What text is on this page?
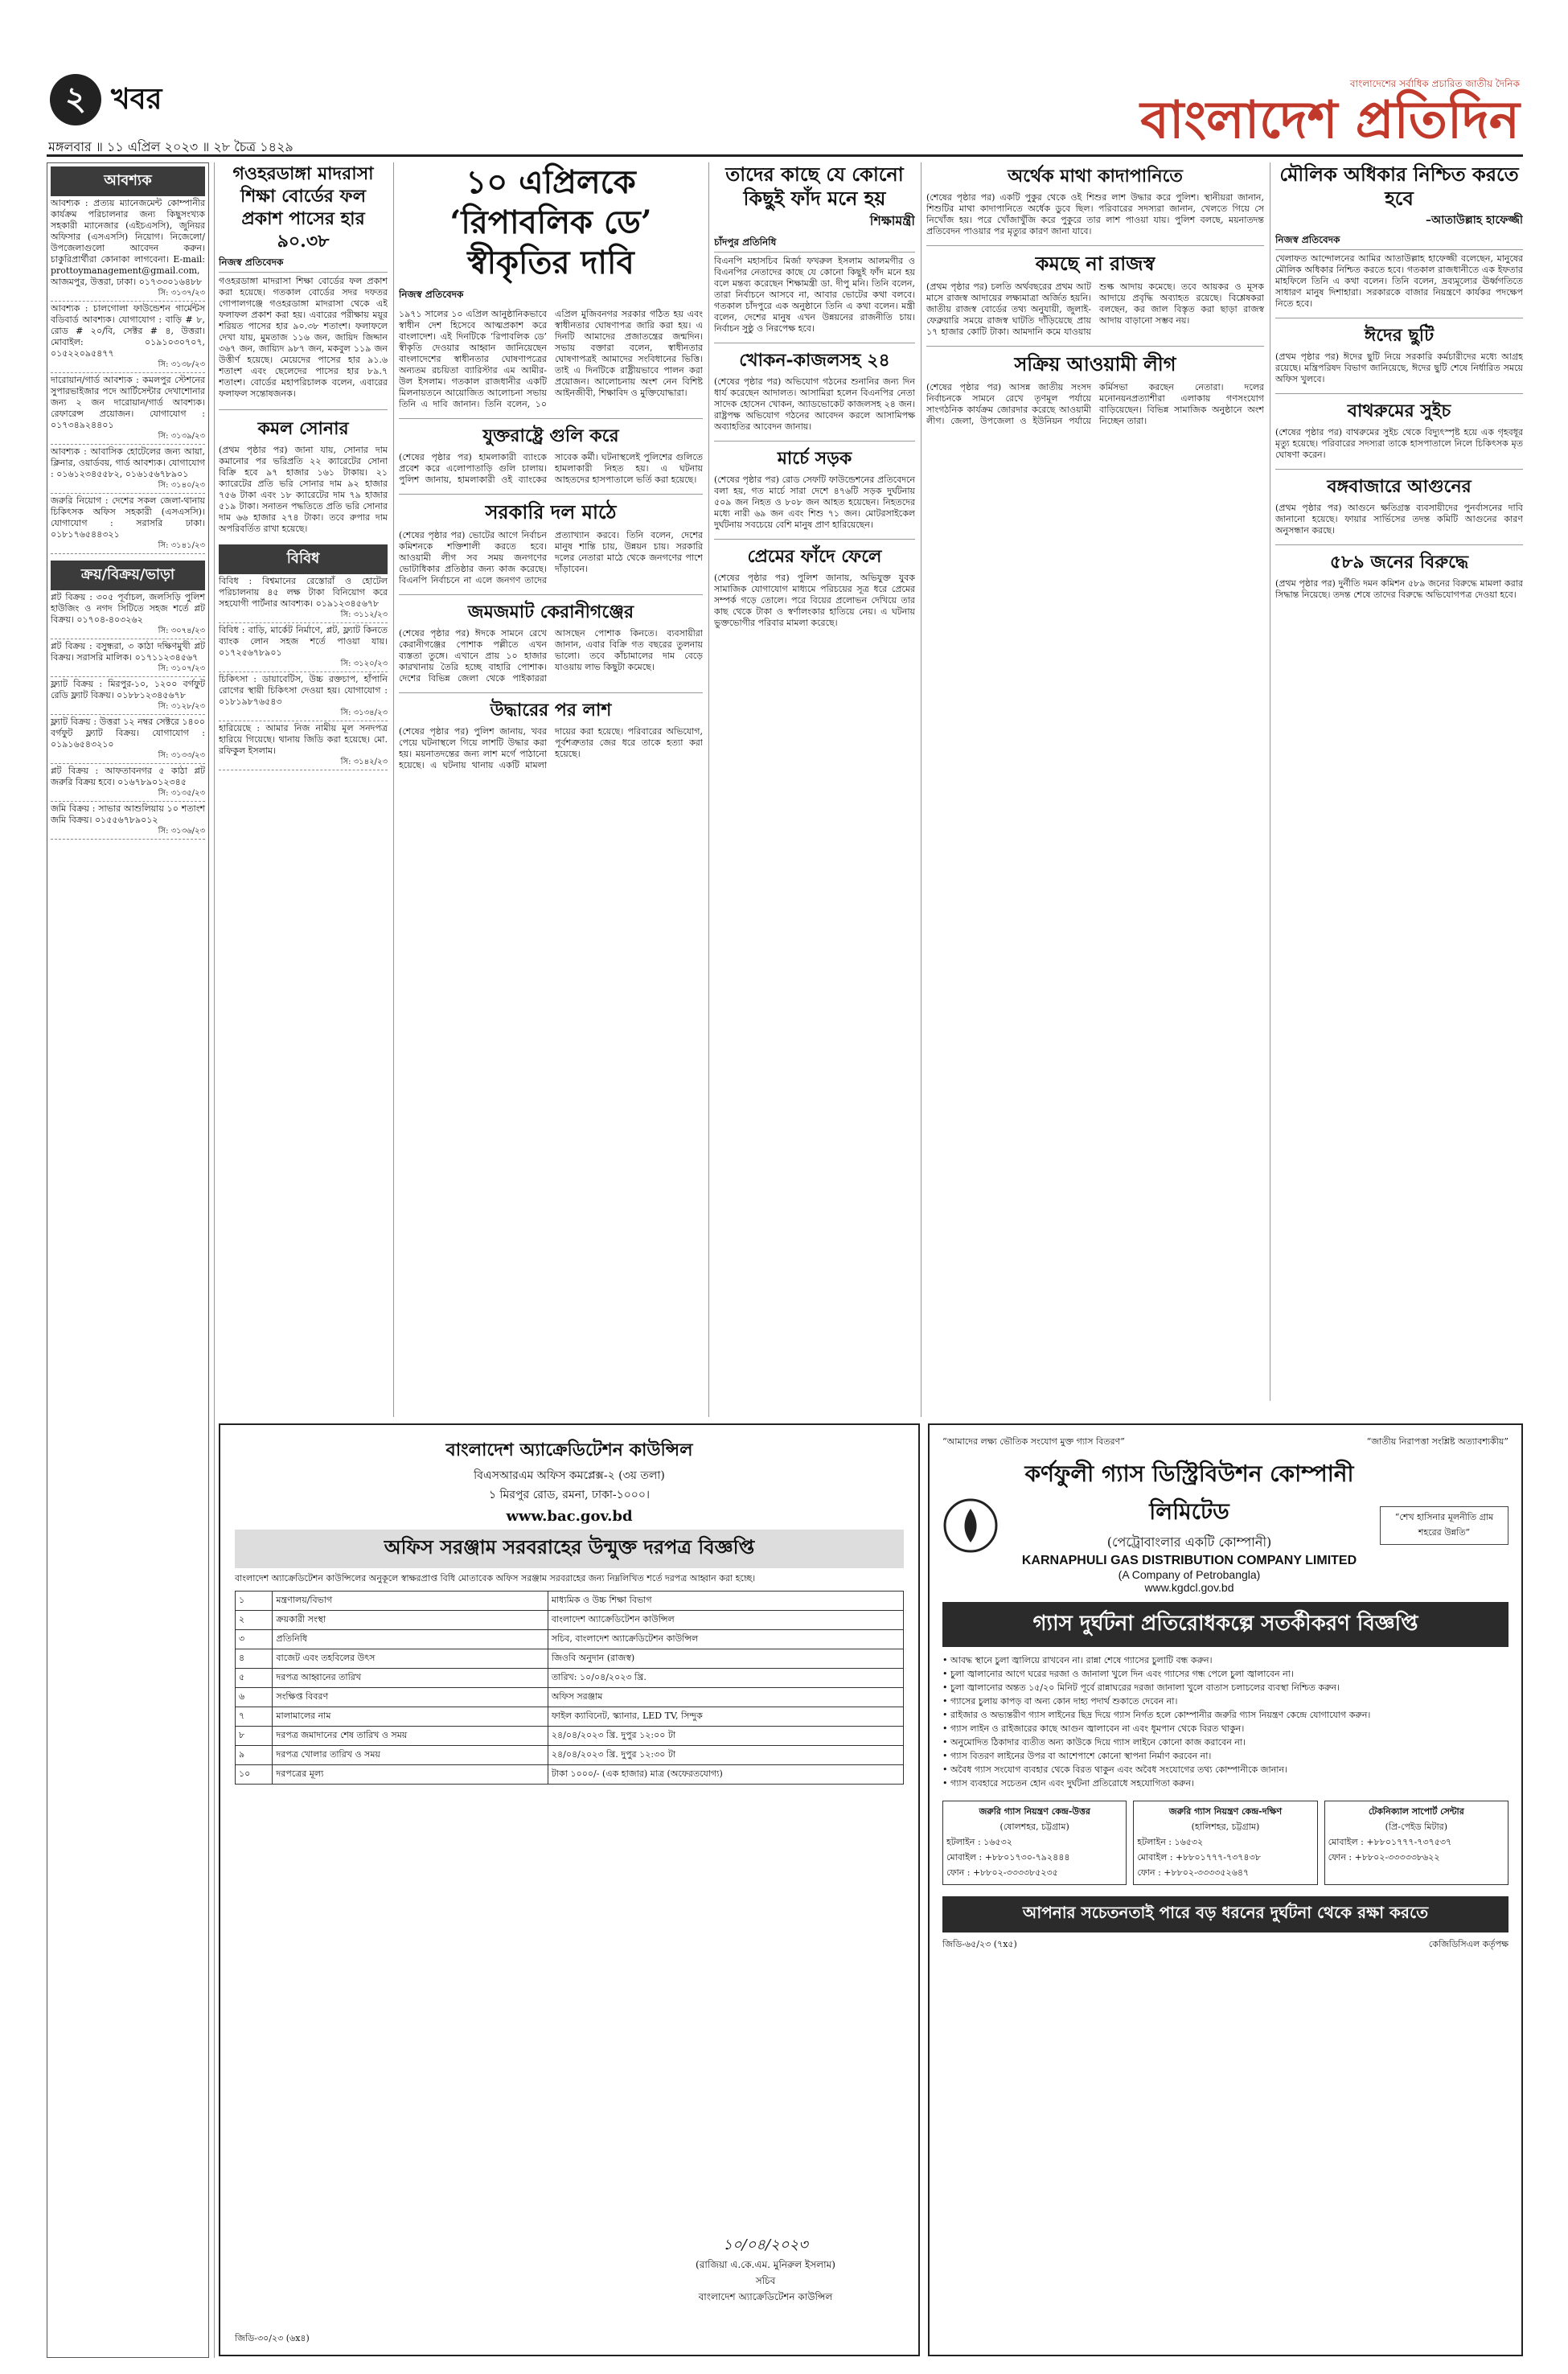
২ খবর
মঙ্গলবার ॥ ১১ এপ্রিল ২০২৩ ॥ ২৮ চৈত্র ১৪২৯
বাংলাদেশের সর্বাধিক প্রচারিত জাতীয় দৈনিক
বাংলাদেশ প্রতিদিন
আবশ্যক
আবশ্যক : প্রত্যয় ম্যানেজমেন্ট কোম্পানীর কার্যক্রম পরিচালনার জন্য কিছুসংখ্যক সহকারী ম্যানেজার (এইচএসসি), জুনিয়র অফিসার (এসএসসি) নিয়োগ। নিজেলো/উপজেলাগুলো আবেদন করুন। চাকুরিপ্রার্থীরা কোনাকা লাগবেনা। E-mail: prottoymanagement@gmail.com, আজমপুর, উত্তরা, ঢাকা। ০১৭৩৩০১৬৪৮৮
সি: ৩১৩৭/২৩
আবশ্যক : চালগোলা ফাউন্ডেশন গার্মেন্টস বডিবার্ড আবশ্যক। যোগাযোগ : বাড়ি # ৮, রোড # ২০/বি, সেক্টর # ৪, উত্তরা। মোবাইল: ০১৯১০৩০৭০৭, ০১৫২২০৯৫৪৭৭
সি: ৩১৩৮/২৩
দারোয়ান/গার্ড আবশ্যক : কমলপুর স্টেশনের সুপারভাইজার পদে আর্টিসেন্টার দেখাশোনার জন্য ২ জন দারোয়ান/গার্ড আবশ্যক। রেফারেন্স প্রয়োজন। যোগাযোগ : ০১৭৩৪৯২৪৪০১
সি: ৩১৩৯/২৩
আবশ্যক : আবাসিক হোটেলের জন্য আয়া, ক্লিনার, ওয়ার্ডবয়, গার্ড আবশ্যক। যোগাযোগ : ০১৬১২৩৪৫৫৮২, ০১৬১৫৬৭৮৯০১
সি: ৩১৪০/২৩
জরুরি নিয়োগ : দেশের সকল জেলা-থানায় চিকিৎসক অফিস সহকারী (এসএসসি)। যোগাযোগ : সরাসরি ঢাকা। ০১৮১৭৬৫৪৪৩২১
সি: ৩১৪১/২৩
ক্রয়/বিক্রয়/ভাড়া
প্লট বিক্রয় : ৩০৫ পূর্বাচল, জলসিড়ি পুলিশ হাউজিং ও নগদ সিটিতে সহজ শর্তে প্লট বিক্রয়। ০১৭০৪-৪০৩২৬২
সি: ৩০৭৪/২৩
প্লট বিক্রয় : বসুন্ধরা, ৩ কাঠা দক্ষিণমুখী প্লট বিক্রয়। সরাসরি মালিক। ০১৭১১২৩৪৫৬৭
সি: ৩১০৭/২৩
ফ্ল্যাট বিক্রয় : মিরপুর-১০, ১২০০ বর্গফুট রেডি ফ্ল্যাট বিক্রয়। ০১৮৮১২৩৪৫৬৭৮
সি: ৩১২৮/২৩
ফ্ল্যাট বিক্রয় : উত্তরা ১২ নম্বর সেক্টরে ১৪০০ বর্গফুট ফ্ল্যাট বিক্রয়। যোগাযোগ : ০১৯১৬৫৪৩২১০
সি: ৩১৩৩/২৩
প্লট বিক্রয় : আফতাবনগর ৫ কাঠা প্লট জরুরি বিক্রয় হবে। ০১৬৭৮৯০১২৩৪৫
সি: ৩১৩৫/২৩
জমি বিক্রয় : সাভার আশুলিয়ায় ১০ শতাংশ জমি বিক্রয়। ০১৫৫৬৭৮৯০১২
সি: ৩১৩৬/২৩
গওহরডাঙ্গা মাদরাসা শিক্ষা বোর্ডের ফল প্রকাশ পাসের হার ৯০.৩৮
নিজস্ব প্রতিবেদক
গওহরডাঙ্গা মাদরাসা শিক্ষা বোর্ডের ফল প্রকাশ করা হয়েছে। গতকাল বোর্ডের সদর দফতর গোপালগঞ্জে গওহরডাঙ্গা মাদরাসা থেকে এই ফলাফল প্রকাশ করা হয়। এবারের পরীক্ষায় ময়ূর শরিয়ত পাসের হার ৯০.৩৮ শতাংশ। ফলাফলে দেখা যায়, মুমতাজ ১১৬ জন, জায়িদ জিদ্দান ৩৬৭ জন, জায়্যিদ ৯৮৭ জন, মকবুল ১১৯ জন উত্তীর্ণ হয়েছে। মেয়েদের পাসের হার ৯১.৬ শতাংশ এবং ছেলেদের পাসের হার ৮৯.৭ শতাংশ। বোর্ডের মহাপরিচালক বলেন, এবারের ফলাফল সন্তোষজনক।
কমল সোনার
(প্রথম পৃষ্ঠার পর) জানা যায়, সোনার দাম কমানোর পর ভরিপ্রতি ২২ ক্যারেটের সোনা বিক্রি হবে ৯৭ হাজার ১৬১ টাকায়। ২১ ক্যারেটের প্রতি ভরি সোনার দাম ৯২ হাজার ৭৫৬ টাকা এবং ১৮ ক্যারেটের দাম ৭৯ হাজার ৫১৯ টাকা। সনাতন পদ্ধতিতে প্রতি ভরি সোনার দাম ৬৬ হাজার ২৭৪ টাকা। তবে রুপার দাম অপরিবর্তিত রাখা হয়েছে।
বিবিধ
বিবিধ : বিশ্বমানের রেস্তোরাঁ ও হোটেল পরিচালনায় ৪৫ লক্ষ টাকা বিনিয়োগ করে সহযোগী পার্টনার আবশ্যক। ০১৯১২৩৪৫৬৭৮
সি: ৩১১২/২৩
বিবিধ : বাড়ি, মার্কেট নির্মাণে, প্লট, ফ্ল্যাট কিনতে ব্যাংক লোন সহজ শর্তে পাওয়া যায়। ০১৭২৫৬৭৮৯০১
সি: ৩১২০/২৩
চিকিৎসা : ডায়াবেটিস, উচ্চ রক্তচাপ, হাঁপানি রোগের স্থায়ী চিকিৎসা দেওয়া হয়। যোগাযোগ : ০১৮১৯৮৭৬৫৪৩
সি: ৩১৩৪/২৩
হারিয়েছে : আমার নিজ নামীয় মূল সনদপত্র হারিয়ে গিয়েছে। থানায় জিডি করা হয়েছে। মো. রফিকুল ইসলাম।
সি: ৩১৪২/২৩
১০ এপ্রিলকে ‘রিপাবলিক ডে’ স্বীকৃতির দাবি
নিজস্ব প্রতিবেদক
১৯৭১ সালের ১০ এপ্রিল আনুষ্ঠানিকভাবে স্বাধীন দেশ হিসেবে আত্মপ্রকাশ করে বাংলাদেশ। এই দিনটিকে ‘রিপাবলিক ডে’ স্বীকৃতি দেওয়ার আহ্বান জানিয়েছেন বাংলাদেশের স্বাধীনতার ঘোষণাপত্রের অন্যতম রচয়িতা ব্যারিস্টার এম আমীর-উল ইসলাম। গতকাল রাজধানীর একটি মিলনায়তনে আয়োজিত আলোচনা সভায় তিনি এ দাবি জানান। তিনি বলেন, ১০ এপ্রিল মুজিবনগর সরকার গঠিত হয় এবং স্বাধীনতার ঘোষণাপত্র জারি করা হয়। এ দিনটি আমাদের প্রজাতন্ত্রের জন্মদিন। সভায় বক্তারা বলেন, স্বাধীনতার ঘোষণাপত্রই আমাদের সংবিধানের ভিত্তি। তাই এ দিনটিকে রাষ্ট্রীয়ভাবে পালন করা প্রয়োজন। আলোচনায় অংশ নেন বিশিষ্ট আইনজীবী, শিক্ষাবিদ ও মুক্তিযোদ্ধারা।
যুক্তরাষ্ট্রে গুলি করে
(শেষের পৃষ্ঠার পর) হামলাকারী ব্যাংকে প্রবেশ করে এলোপাতাড়ি গুলি চালায়। পুলিশ জানায়, হামলাকারী ওই ব্যাংকের সাবেক কর্মী। ঘটনাস্থলেই পুলিশের গুলিতে হামলাকারী নিহত হয়। এ ঘটনায় আহতদের হাসপাতালে ভর্তি করা হয়েছে।
সরকারি দল মাঠে
(শেষের পৃষ্ঠার পর) ভোটের আগে নির্বাচন কমিশনকে শক্তিশালী করতে হবে। আওয়ামী লীগ সব সময় জনগণের ভোটাধিকার প্রতিষ্ঠার জন্য কাজ করেছে। বিএনপি নির্বাচনে না এলে জনগণ তাদের প্রত্যাখ্যান করবে। তিনি বলেন, দেশের মানুষ শান্তি চায়, উন্নয়ন চায়। সরকারি দলের নেতারা মাঠে থেকে জনগণের পাশে দাঁড়াবেন।
জমজমাট কেরানীগঞ্জের
(শেষের পৃষ্ঠার পর) ঈদকে সামনে রেখে কেরানীগঞ্জের পোশাক পল্লীতে এখন ব্যস্ততা তুঙ্গে। এখানে প্রায় ১০ হাজার কারখানায় তৈরি হচ্ছে বাহারি পোশাক। দেশের বিভিন্ন জেলা থেকে পাইকাররা আসছেন পোশাক কিনতে। ব্যবসায়ীরা জানান, এবার বিক্রি গত বছরের তুলনায় ভালো। তবে কাঁচামালের দাম বেড়ে যাওয়ায় লাভ কিছুটা কমেছে।
উদ্ধারের পর লাশ
(শেষের পৃষ্ঠার পর) পুলিশ জানায়, খবর পেয়ে ঘটনাস্থলে গিয়ে লাশটি উদ্ধার করা হয়। ময়নাতদন্তের জন্য লাশ মর্গে পাঠানো হয়েছে। এ ঘটনায় থানায় একটি মামলা দায়ের করা হয়েছে। পরিবারের অভিযোগ, পূর্বশত্রুতার জের ধরে তাকে হত্যা করা হয়েছে।
তাদের কাছে যে কোনো কিছুই ফাঁদ মনে হয়
শিক্ষামন্ত্রী
চাঁদপুর প্রতিনিধি
বিএনপি মহাসচিব মির্জা ফখরুল ইসলাম আলমগীর ও বিএনপির নেতাদের কাছে যে কোনো কিছুই ফাঁদ মনে হয় বলে মন্তব্য করেছেন শিক্ষামন্ত্রী ডা. দীপু মনি। তিনি বলেন, তারা নির্বাচনে আসবে না, আবার ভোটের কথা বলবে। গতকাল চাঁদপুরে এক অনুষ্ঠানে তিনি এ কথা বলেন। মন্ত্রী বলেন, দেশের মানুষ এখন উন্নয়নের রাজনীতি চায়। নির্বাচন সুষ্ঠু ও নিরপেক্ষ হবে।
খোকন-কাজলসহ ২৪
(শেষের পৃষ্ঠার পর) অভিযোগ গঠনের শুনানির জন্য দিন ধার্য করেছেন আদালত। আসামিরা হলেন বিএনপির নেতা সাদেক হোসেন খোকন, অ্যাডভোকেট কাজলসহ ২৪ জন। রাষ্ট্রপক্ষ অভিযোগ গঠনের আবেদন করলে আসামিপক্ষ অব্যাহতির আবেদন জানায়।
মার্চে সড়ক
(শেষের পৃষ্ঠার পর) রোড সেফটি ফাউন্ডেশনের প্রতিবেদনে বলা হয়, গত মার্চে সারা দেশে ৪৭৬টি সড়ক দুর্ঘটনায় ৫০৯ জন নিহত ও ৮০৮ জন আহত হয়েছেন। নিহতদের মধ্যে নারী ৬৯ জন এবং শিশু ৭১ জন। মোটরসাইকেল দুর্ঘটনায় সবচেয়ে বেশি মানুষ প্রাণ হারিয়েছেন।
প্রেমের ফাঁদে ফেলে
(শেষের পৃষ্ঠার পর) পুলিশ জানায়, অভিযুক্ত যুবক সামাজিক যোগাযোগ মাধ্যমে পরিচয়ের সূত্র ধরে প্রেমের সম্পর্ক গড়ে তোলে। পরে বিয়ের প্রলোভন দেখিয়ে তার কাছ থেকে টাকা ও স্বর্ণালংকার হাতিয়ে নেয়। এ ঘটনায় ভুক্তভোগীর পরিবার মামলা করেছে।
অর্থেক মাথা কাদাপানিতে
(শেষের পৃষ্ঠার পর) একটি পুকুর থেকে ওই শিশুর লাশ উদ্ধার করে পুলিশ। স্থানীয়রা জানান, শিশুটির মাথা কাদাপানিতে অর্ধেক ডুবে ছিল। পরিবারের সদস্যরা জানান, খেলতে গিয়ে সে নিখোঁজ হয়। পরে খোঁজাখুঁজি করে পুকুরে তার লাশ পাওয়া যায়। পুলিশ বলছে, ময়নাতদন্ত প্রতিবেদন পাওয়ার পর মৃত্যুর কারণ জানা যাবে।
কমছে না রাজস্ব
(প্রথম পৃষ্ঠার পর) চলতি অর্থবছরের প্রথম আট মাসে রাজস্ব আদায়ের লক্ষ্যমাত্রা অর্জিত হয়নি। জাতীয় রাজস্ব বোর্ডের তথ্য অনুযায়ী, জুলাই-ফেব্রুয়ারি সময়ে রাজস্ব ঘাটতি দাঁড়িয়েছে প্রায় ১৭ হাজার কোটি টাকা। আমদানি কমে যাওয়ায় শুল্ক আদায় কমেছে। তবে আয়কর ও মূসক আদায়ে প্রবৃদ্ধি অব্যাহত রয়েছে। বিশ্লেষকরা বলছেন, কর জাল বিস্তৃত করা ছাড়া রাজস্ব আদায় বাড়ানো সম্ভব নয়।
সক্রিয় আওয়ামী লীগ
(শেষের পৃষ্ঠার পর) আসন্ন জাতীয় সংসদ নির্বাচনকে সামনে রেখে তৃণমূল পর্যায়ে সাংগঠনিক কার্যক্রম জোরদার করেছে আওয়ামী লীগ। জেলা, উপজেলা ও ইউনিয়ন পর্যায়ে কর্মিসভা করছেন নেতারা। দলের মনোনয়নপ্রত্যাশীরা এলাকায় গণসংযোগ বাড়িয়েছেন। বিভিন্ন সামাজিক অনুষ্ঠানে অংশ নিচ্ছেন তারা।
মৌলিক অধিকার নিশ্চিত করতে হবে
–আতাউল্লাহ হাফেজ্জী
নিজস্ব প্রতিবেদক
খেলাফত আন্দোলনের আমির আতাউল্লাহ হাফেজ্জী বলেছেন, মানুষের মৌলিক অধিকার নিশ্চিত করতে হবে। গতকাল রাজধানীতে এক ইফতার মাহফিলে তিনি এ কথা বলেন। তিনি বলেন, দ্রব্যমূল্যের ঊর্ধ্বগতিতে সাধারণ মানুষ দিশাহারা। সরকারকে বাজার নিয়ন্ত্রণে কার্যকর পদক্ষেপ নিতে হবে।
ঈদের ছুটি
(প্রথম পৃষ্ঠার পর) ঈদের ছুটি নিয়ে সরকারি কর্মচারীদের মধ্যে আগ্রহ রয়েছে। মন্ত্রিপরিষদ বিভাগ জানিয়েছে, ঈদের ছুটি শেষে নির্ধারিত সময়ে অফিস খুলবে।
বাথরুমের সুইচ
(শেষের পৃষ্ঠার পর) বাথরুমের সুইচ থেকে বিদ্যুৎস্পৃষ্ট হয়ে এক গৃহবধূর মৃত্যু হয়েছে। পরিবারের সদস্যরা তাকে হাসপাতালে নিলে চিকিৎসক মৃত ঘোষণা করেন।
বঙ্গবাজারে আগুনের
(প্রথম পৃষ্ঠার পর) আগুনে ক্ষতিগ্রস্ত ব্যবসায়ীদের পুনর্বাসনের দাবি জানানো হয়েছে। ফায়ার সার্ভিসের তদন্ত কমিটি আগুনের কারণ অনুসন্ধান করছে।
৫৮৯ জনের বিরুদ্ধে
(প্রথম পৃষ্ঠার পর) দুর্নীতি দমন কমিশন ৫৮৯ জনের বিরুদ্ধে মামলা করার সিদ্ধান্ত নিয়েছে। তদন্ত শেষে তাদের বিরুদ্ধে অভিযোগপত্র দেওয়া হবে।
বাংলাদেশ অ্যাক্রেডিটেশন কাউন্সিল
বিএসআরএম অফিস কমপ্লেক্স-২ (৩য় তলা)
১ মিরপুর রোড, রমনা, ঢাকা-১০০০।
www.bac.gov.bd
অফিস সরঞ্জাম সরবরাহের উন্মুক্ত দরপত্র বিজ্ঞপ্তি
বাংলাদেশ অ্যাক্রেডিটেশন কাউন্সিলের অনুকূলে স্বাক্ষরপ্রাপ্ত বিধি মোতাবেক অফিস সরঞ্জাম সরবরাহের জন্য নিম্নলিখিত শর্তে দরপত্র আহ্বান করা হচ্ছে।
১	মন্ত্রণালয়/বিভাগ	মাধ্যমিক ও উচ্চ শিক্ষা বিভাগ
২	ক্রয়কারী সংস্থা	বাংলাদেশ অ্যাক্রেডিটেশন কাউন্সিল
৩	প্রতিনিধি	সচিব, বাংলাদেশ অ্যাক্রেডিটেশন কাউন্সিল
৪	বাজেট এবং তহবিলের উৎস	জিওবি অনুদান (রাজস্ব)
৫	দরপত্র আহ্বানের তারিখ	তারিখ: ১০/০৪/২০২৩ খ্রি.
৬	সংক্ষিপ্ত বিবরণ	অফিস সরঞ্জাম
৭	মালামালের নাম	ফাইল ক্যাবিনেট, স্ক্যানার, LED TV, সিন্দুক
৮	দরপত্র জমাদানের শেষ তারিখ ও সময়	২৪/০৪/২০২৩ খ্রি. দুপুর ১২:০০ টা
৯	দরপত্র খোলার তারিখ ও সময়	২৪/০৪/২০২৩ খ্রি. দুপুর ১২:৩০ টা
১০	দরপত্রের মূল্য	টাকা ১০০০/- (এক হাজার) মাত্র (অফেরতযোগ্য)
১০/০৪/২০২৩
(রাজিয়া এ.কে.এম. মুনিরুল ইসলাম)
সচিব
বাংলাদেশ অ্যাক্রেডিটেশন কাউন্সিল
জিডি-৩০/২৩ (৬x৪)
“আমাদের লক্ষ্য ভৌতিক সংযোগ মুক্ত গ্যাস বিতরণ”	“জাতীয় নিরাপত্তা সংশ্লিষ্ট অত্যাবশ্যকীয়”
কর্ণফুলী গ্যাস ডিস্ট্রিবিউশন কোম্পানী লিমিটেড
(পেট্রোবাংলার একটি কোম্পানী)
KARNAPHULI GAS DISTRIBUTION COMPANY LIMITED
(A Company of Petrobangla)
www.kgdcl.gov.bd
“শেখ হাসিনার মূলনীতি গ্রাম শহরের উন্নতি”
গ্যাস দুর্ঘটনা প্রতিরোধকল্পে সতর্কীকরণ বিজ্ঞপ্তি
• আবদ্ধ স্থানে চুলা জ্বালিয়ে রাখবেন না। রান্না শেষে গ্যাসের চুলাটি বন্ধ করুন।
• চুলা জ্বালানোর আগে ঘরের দরজা ও জানালা খুলে দিন এবং গ্যাসের গন্ধ পেলে চুলা জ্বালাবেন না।
• চুলা জ্বালানোর অন্তত ১৫/২০ মিনিট পূর্বে রান্নাঘরের দরজা জানালা খুলে বাতাস চলাচলের ব্যবস্থা নিশ্চিত করুন।
• গ্যাসের চুলায় কাপড় বা অন্য কোন দাহ্য পদার্থ শুকাতে দেবেন না।
• রাইজার ও অভ্যন্তরীণ গ্যাস লাইনের ছিদ্র দিয়ে গ্যাস নির্গত হলে কোম্পানীর জরুরি গ্যাস নিয়ন্ত্রণ কেন্দ্রে যোগাযোগ করুন।
• গ্যাস লাইন ও রাইজারের কাছে আগুন জ্বালাবেন না এবং ধূমপান থেকে বিরত থাকুন।
• অনুমোদিত ঠিকাদার ব্যতীত অন্য কাউকে দিয়ে গ্যাস লাইনে কোনো কাজ করাবেন না।
• গ্যাস বিতরণ লাইনের উপর বা আশেপাশে কোনো স্থাপনা নির্মাণ করবেন না।
• অবৈধ গ্যাস সংযোগ ব্যবহার থেকে বিরত থাকুন এবং অবৈধ সংযোগের তথ্য কোম্পানীকে জানান।
• গ্যাস ব্যবহারে সচেতন হোন এবং দুর্ঘটনা প্রতিরোধে সহযোগিতা করুন।
জরুরি গ্যাস নিয়ন্ত্রণ কেন্দ্র-উত্তর
(ষোলশহর, চট্টগ্রাম)
হটলাইন : ১৬৫৩২
মোবাইল : +৮৮০১৭৩০-৭৯২৪৪৪
ফোন : +৮৮০২-৩৩৩৩৮৫২৩৫
জরুরি গ্যাস নিয়ন্ত্রণ কেন্দ্র-দক্ষিণ
(হালিশহর, চট্টগ্রাম)
হটলাইন : ১৬৫৩২
মোবাইল : +৮৮০১৭৭৭-৭৩৭৪৩৮
ফোন : +৮৮০২-৩৩৩৩৫২৬৪৭
টেকনিক্যাল সাপোর্ট সেন্টার
(প্রি-পেইড মিটার)
মোবাইল : +৮৮০১৭৭৭-৭৩৭৫৩৭
ফোন : +৮৮০২-৩৩৩৩৩৮৬২২
আপনার সচেতনতাই পারে বড় ধরনের দুর্ঘটনা থেকে রক্ষা করতে
জিডি-৬৫/২৩ (৭x৫)	কেজিডিসিএল কর্তৃপক্ষ
